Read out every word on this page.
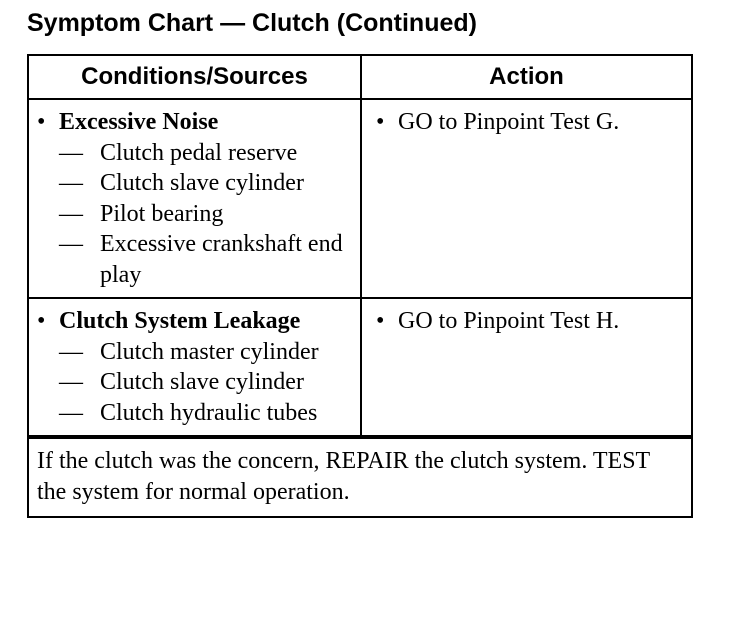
Symptom Chart — Clutch (Continued)
Conditions/Sources	Action

• Excessive Noise
— Clutch pedal reserve
— Clutch slave cylinder
— Pilot bearing
— Excessive crankshaft end play	• GO to Pinpoint Test G.

• Clutch System Leakage
— Clutch master cylinder
— Clutch slave cylinder
— Clutch hydraulic tubes	• GO to Pinpoint Test H.
If the clutch was the concern, REPAIR the clutch system. TEST the system for normal operation.
